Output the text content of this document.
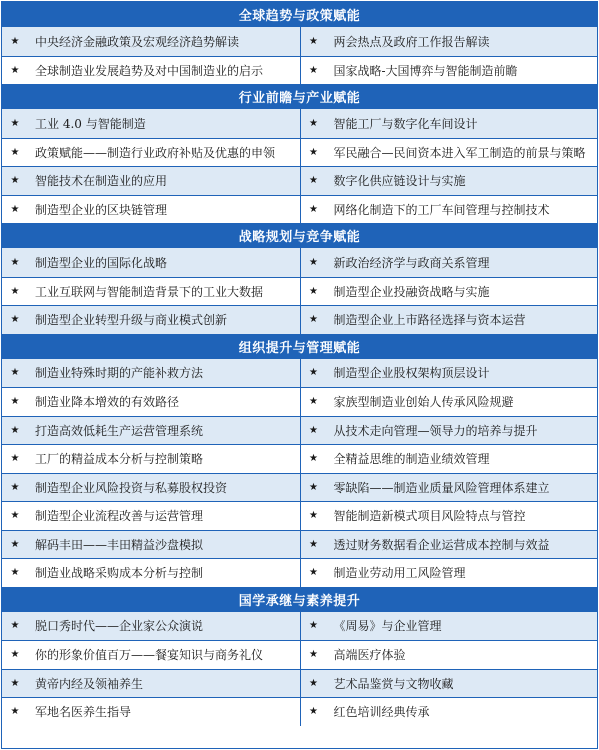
全球趋势与政策赋能
★ 中央经济金融政策及宏观经济趋势解读	★ 两会热点及政府工作报告解读
★ 全球制造业发展趋势及对中国制造业的启示	★ 国家战略-大国博弈与智能制造前瞻
行业前瞻与产业赋能
★ 工业 4.0 与智能制造	★ 智能工厂与数字化车间设计
★ 政策赋能——制造行业政府补贴及优惠的申领	★ 军民融合—民间资本进入军工制造的前景与策略
★ 智能技术在制造业的应用	★ 数字化供应链设计与实施
★ 制造型企业的区块链管理	★ 网络化制造下的工厂车间管理与控制技术
战略规划与竞争赋能
★ 制造型企业的国际化战略	★ 新政治经济学与政商关系管理
★ 工业互联网与智能制造背景下的工业大数据	★ 制造型企业投融资战略与实施
★ 制造型企业转型升级与商业模式创新	★ 制造型企业上市路径选择与资本运营
组织提升与管理赋能
★ 制造业特殊时期的产能补救方法	★ 制造型企业股权架构顶层设计
★ 制造业降本增效的有效路径	★ 家族型制造业创始人传承风险规避
★ 打造高效低耗生产运营管理系统	★ 从技术走向管理—领导力的培养与提升
★ 工厂的精益成本分析与控制策略	★ 全精益思维的制造业绩效管理
★ 制造型企业风险投资与私募股权投资	★ 零缺陷——制造业质量风险管理体系建立
★ 制造型企业流程改善与运营管理	★ 智能制造新模式项目风险特点与管控
★ 解码丰田——丰田精益沙盘模拟	★ 透过财务数据看企业运营成本控制与效益
★ 制造业战略采购成本分析与控制	★ 制造业劳动用工风险管理
国学承继与素养提升
★ 脱口秀时代——企业家公众演说	★ 《周易》与企业管理
★ 你的形象价值百万——餐宴知识与商务礼仪	★ 高端医疗体验
★ 黄帝内经及领袖养生	★ 艺术品鉴赏与文物收藏
★ 军地名医养生指导	★ 红色培训经典传承
